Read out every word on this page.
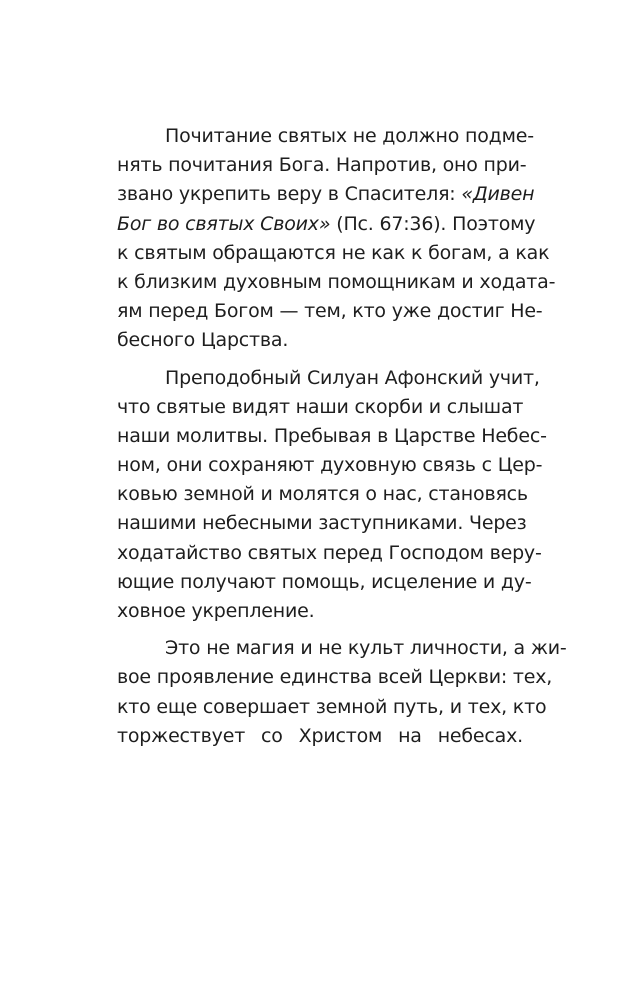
Почитание святых не должно подме-
нять почитания Бога. Напротив, оно при-
звано укрепить веру в Спасителя: «Дивен
Бог во святых Своих» (Пс. 67:36). Поэтому
к святым обращаются не как к богам, а как
к близким духовным помощникам и ходата-
ям перед Богом — тем, кто уже достиг Не-
бесного Царства.
Преподобный Силуан Афонский учит,
что святые видят наши скорби и слышат
наши молитвы. Пребывая в Царстве Небес-
ном, они сохраняют духовную связь с Цер-
ковью земной и молятся о нас, становясь
нашими небесными заступниками. Через
ходатайство святых перед Господом веру-
ющие получают помощь, исцеление и ду-
ховное укрепление.
Это не магия и не культ личности, а жи-
вое проявление единства всей Церкви: тех,
кто еще совершает земной путь, и тех, кто
торжествует со Христом на небесах.
